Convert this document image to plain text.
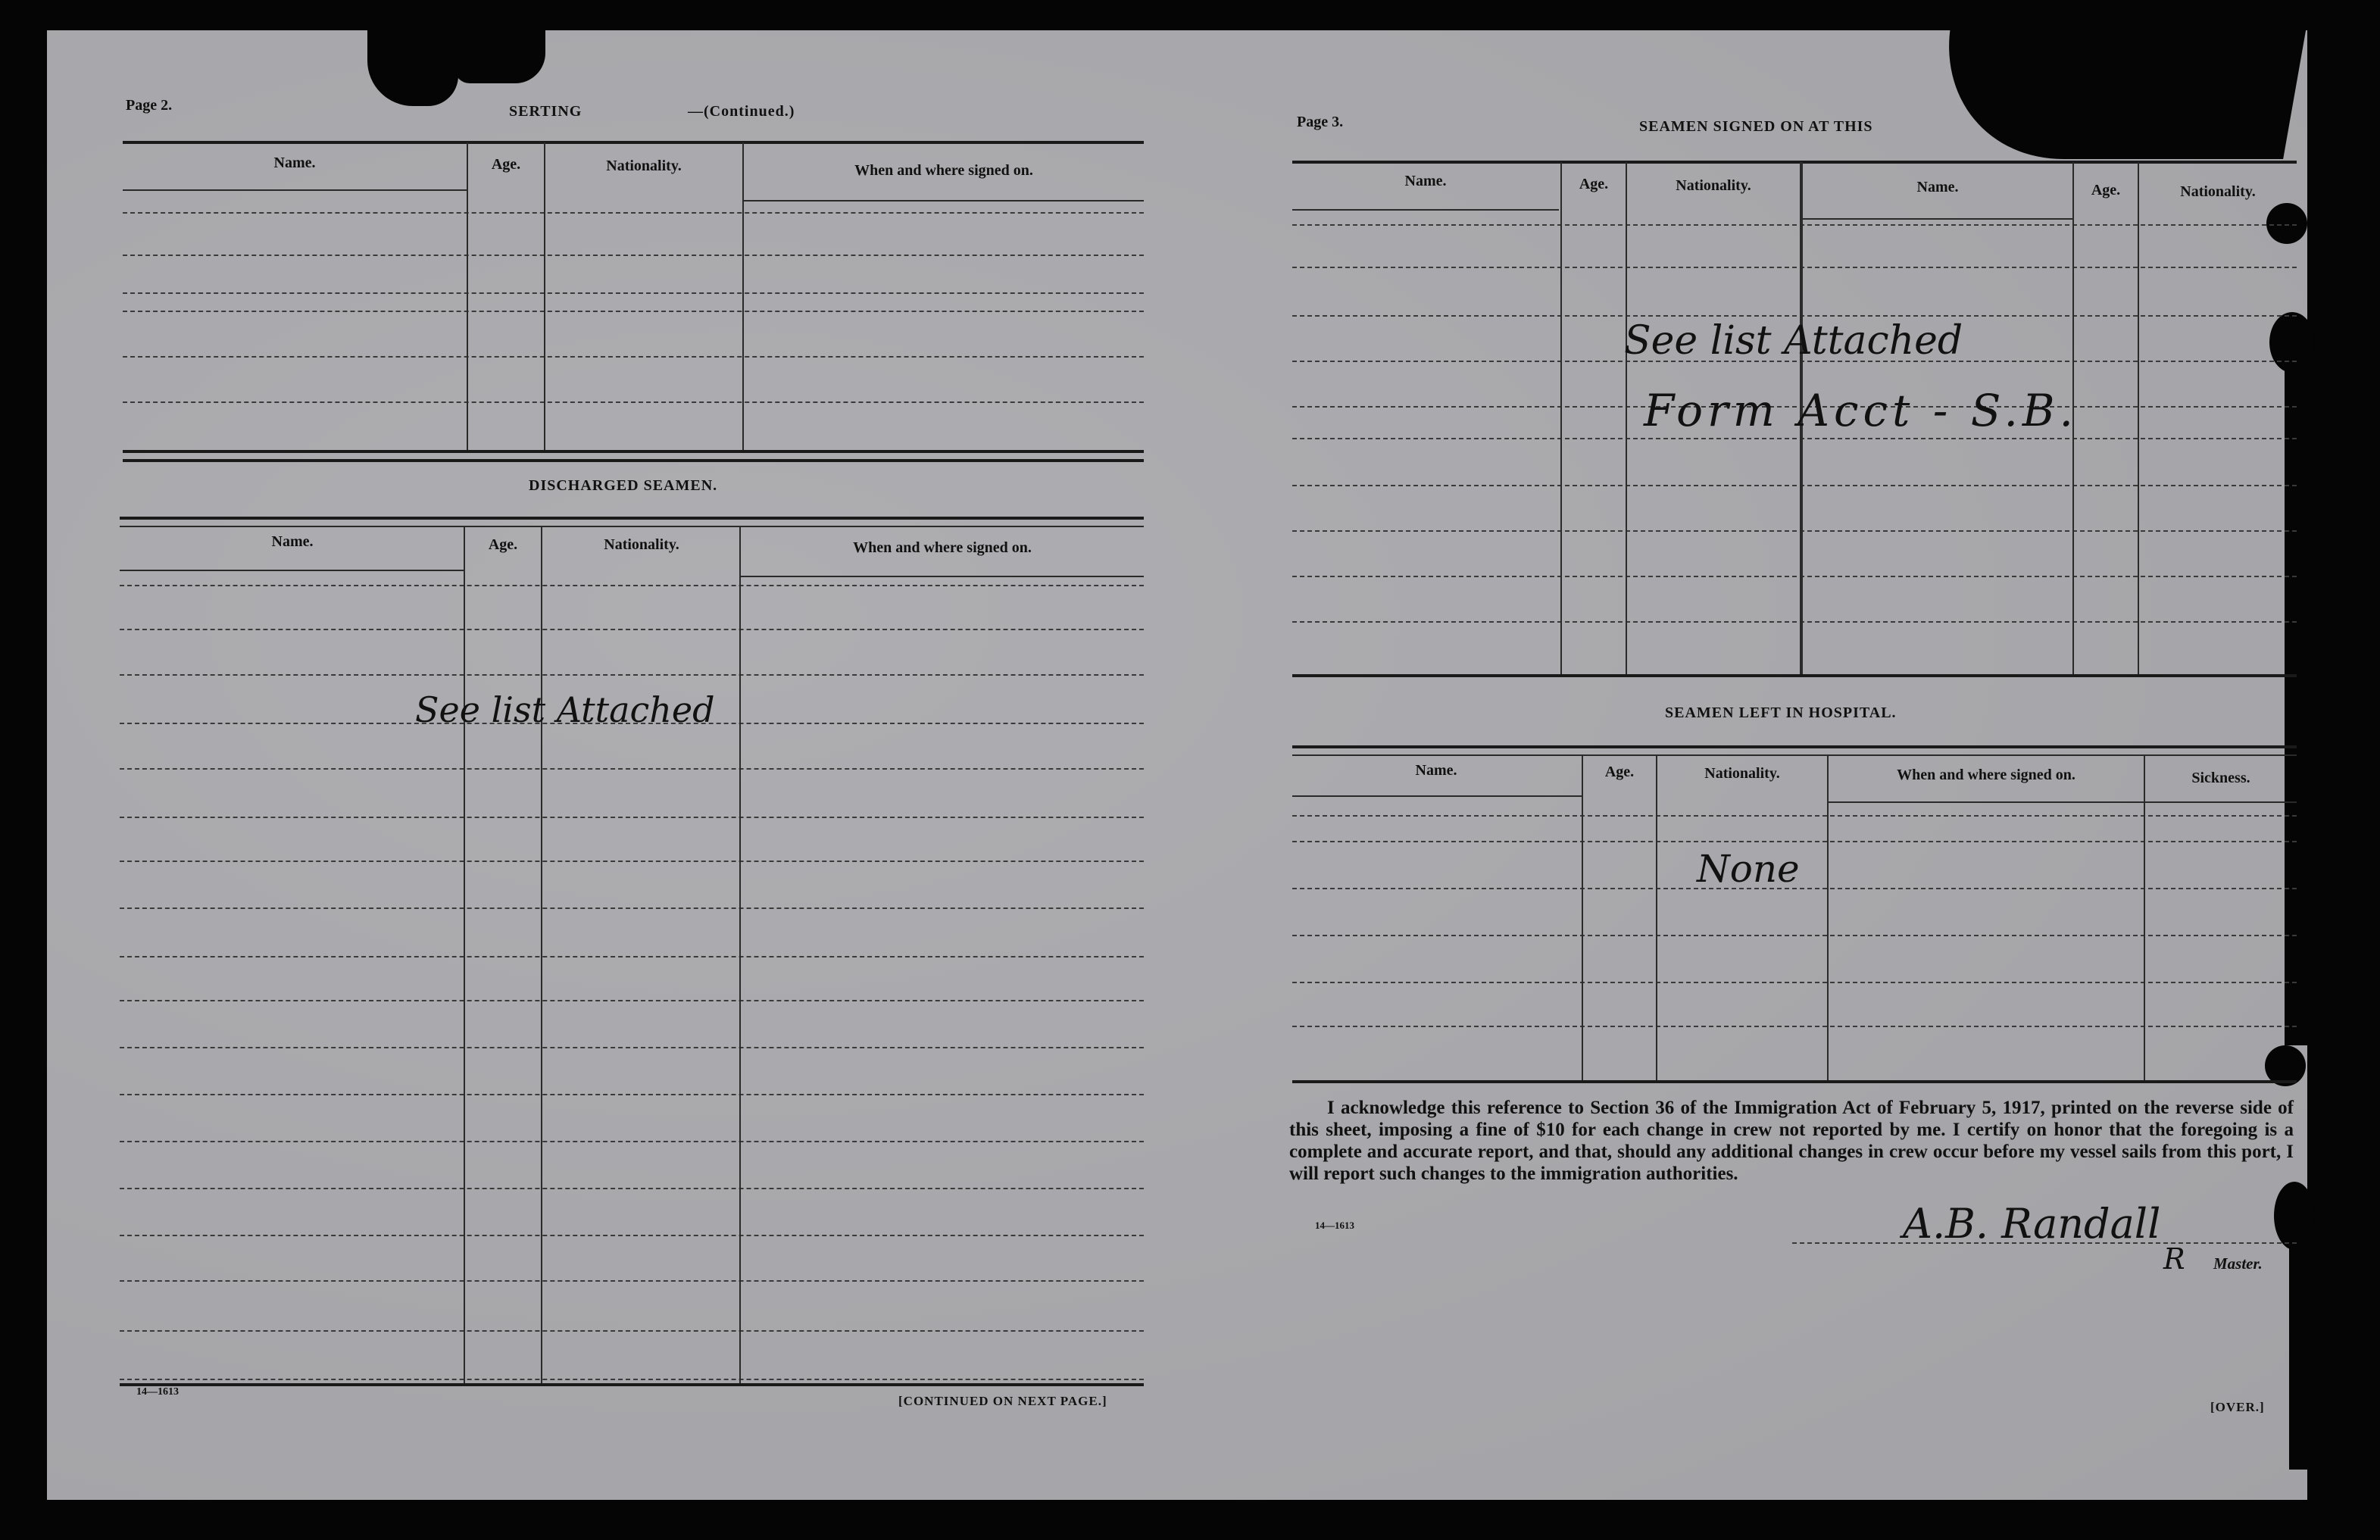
Page 2.	SERTING	—(Continued.)
Name.	Age.	Nationality.	When and where signed on.
DISCHARGED SEAMEN.
Name.	Age.	Nationality.	When and where signed on.
See list Attached
14—1613
[CONTINUED ON NEXT PAGE.]
Page 3.	SEAMEN SIGNED ON AT THIS
Name.	Age.	Nationality.	Name.	Age.	Nationality.
See list Attached
Form Acct - S.B.
SEAMEN LEFT IN HOSPITAL.
Name.	Age.	Nationality.	When and where signed on.	Sickness.
None
I acknowledge this reference to Section 36 of the Immigration Act of February 5, 1917, printed on the reverse side of this sheet, imposing a fine of $10 for each change in crew not reported by me. I certify on honor that the foregoing is a complete and accurate report, and that, should any additional changes in crew occur before my vessel sails from this port, I will report such changes to the immigration authorities.
14—1613	A.B. Randall
R Master.
[OVER.]
